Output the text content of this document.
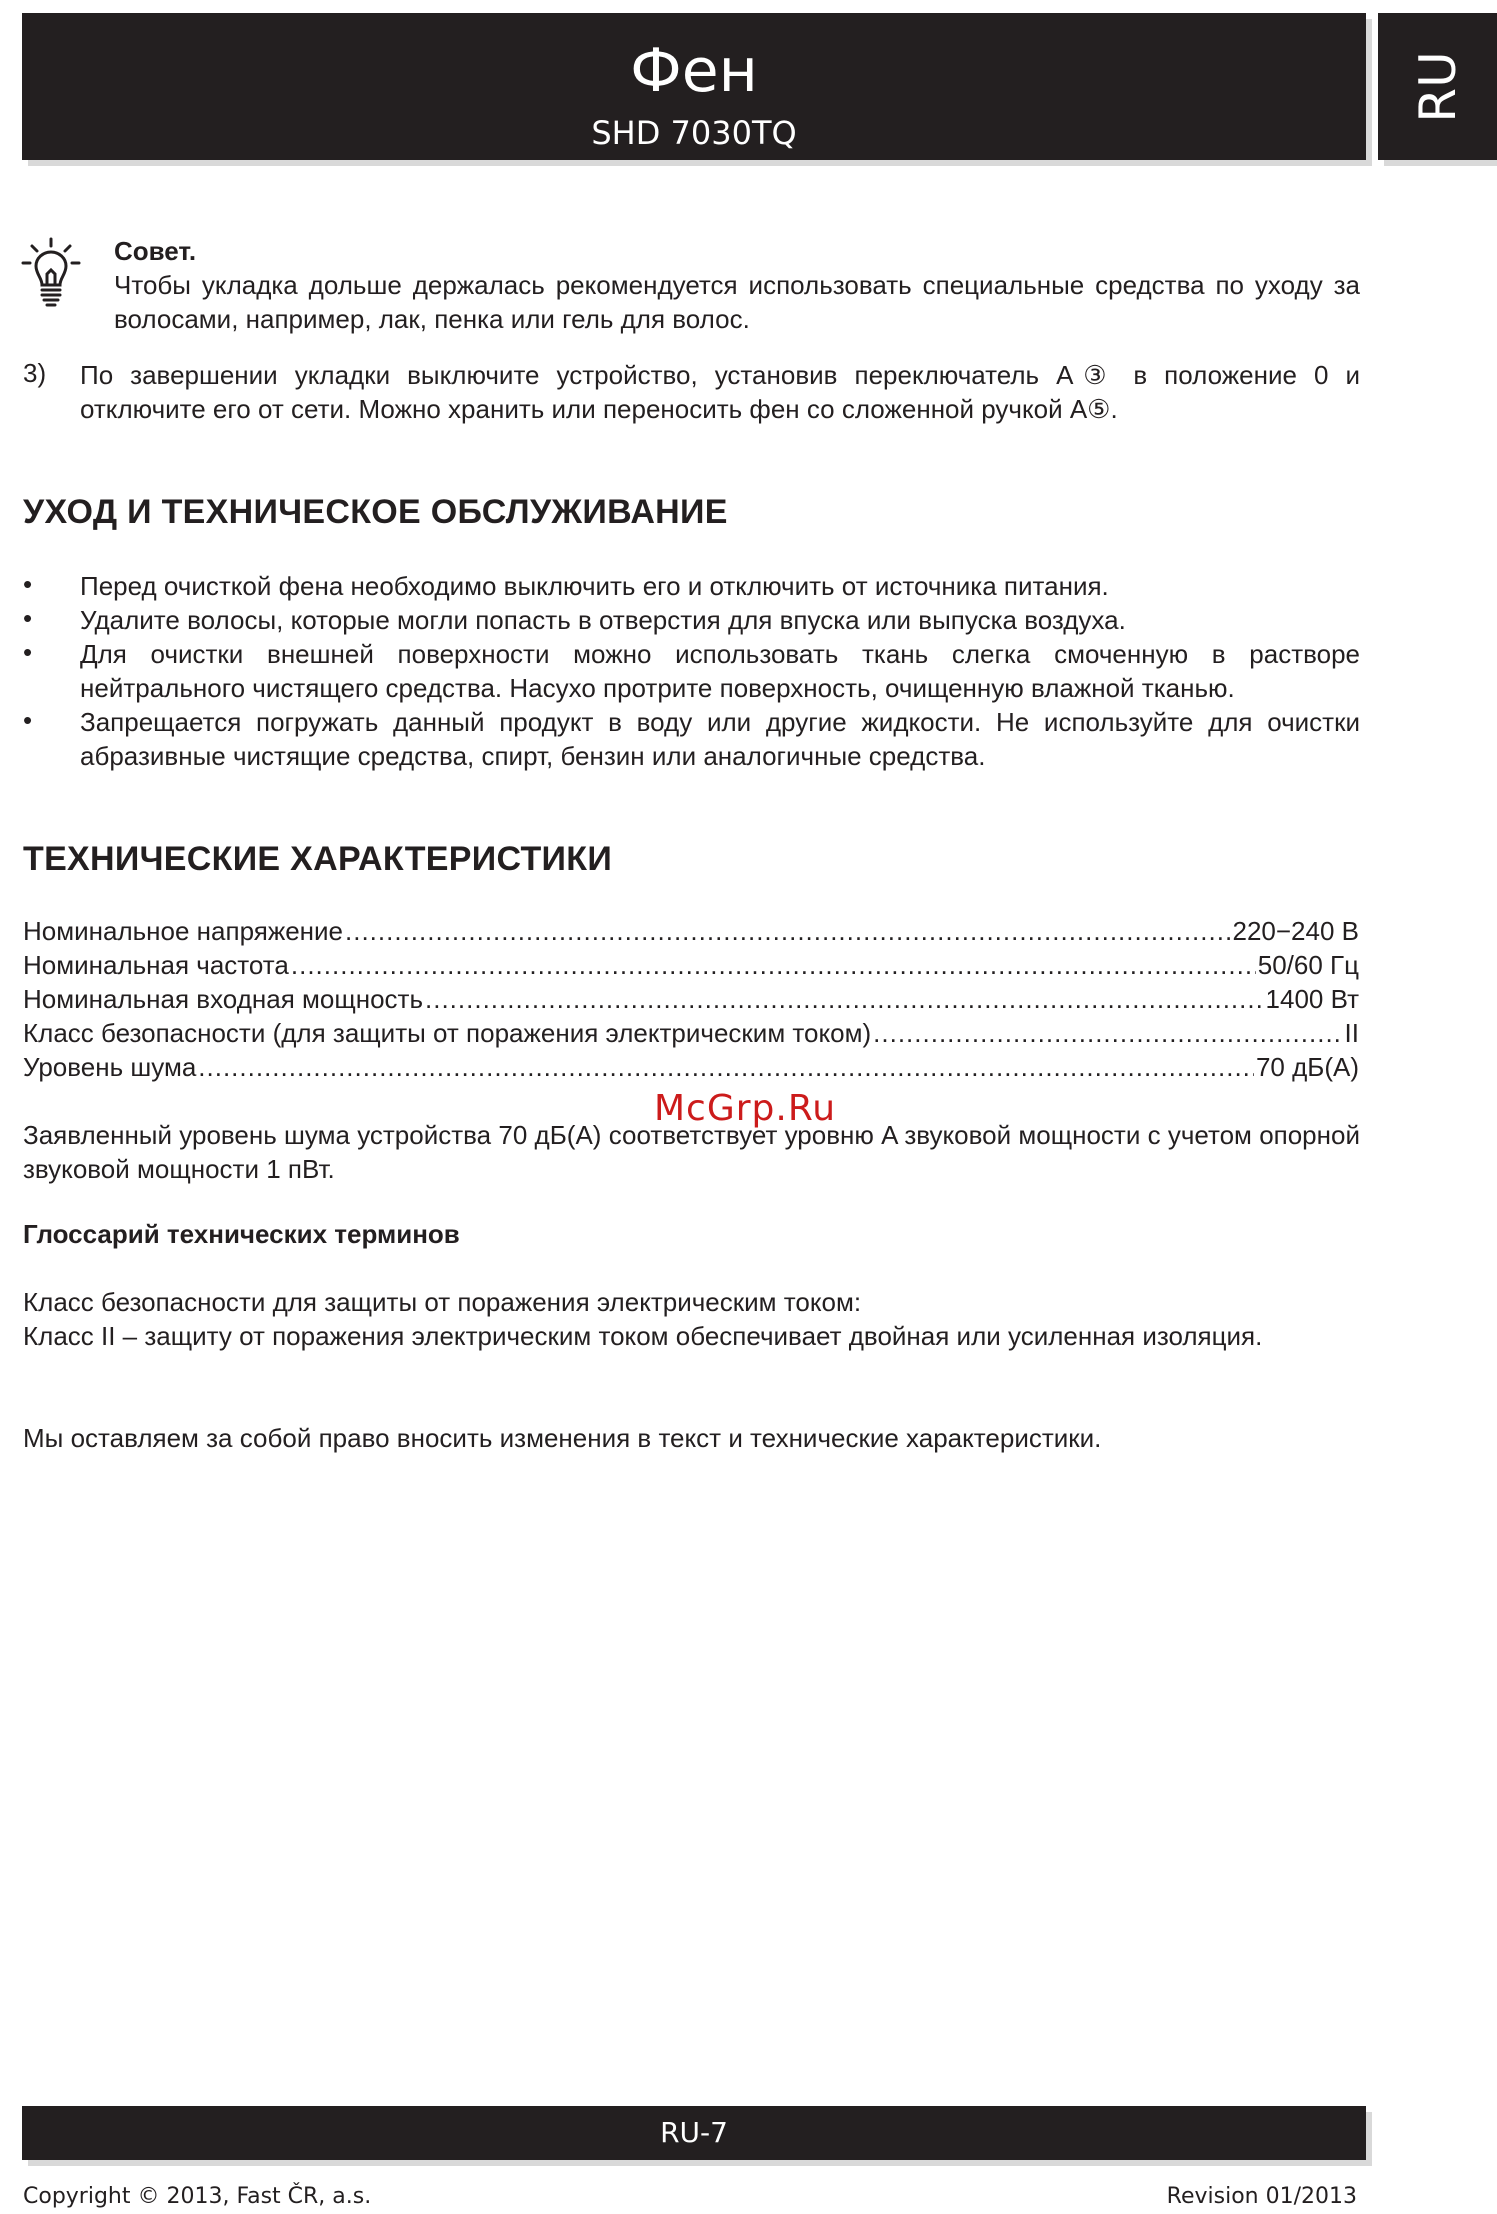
Фен
SHD 7030TQ
RU
Совет.
Чтобы укладка дольше держалась рекомендуется использовать специальные средства по уходу за волосами, например, лак, пенка или гель для волос.
3) По завершении укладки выключите устройство, установив переключатель A③ в положение 0 и отключите его от сети. Можно хранить или переносить фен со сложенной ручкой A⑤.
УХОД И ТЕХНИЧЕСКОЕ ОБСЛУЖИВАНИЕ
• Перед очисткой фена необходимо выключить его и отключить от источника питания.
• Удалите волосы, которые могли попасть в отверстия для впуска или выпуска воздуха.
• Для очистки внешней поверхности можно использовать ткань слегка смоченную в растворе нейтрального чистящего средства. Насухо протрите поверхность, очищенную влажной тканью.
• Запрещается погружать данный продукт в воду или другие жидкости. Не используйте для очистки абразивные чистящие средства, спирт, бензин или аналогичные средства.
ТЕХНИЧЕСКИЕ ХАРАКТЕРИСТИКИ
Номинальное напряжение .....	220−240 В
Номинальная частота .....	50/60 Гц
Номинальная входная мощность .....	1400 Вт
Класс безопасности (для защиты от поражения электрическим током) .....	II
Уровень шума .....	70 дБ(A)
McGrp.Ru
Заявленный уровень шума устройства 70 дБ(A) соответствует уровню A звуковой мощности с учетом опорной звуковой мощности 1 пВт.
Глоссарий технических терминов
Класс безопасности для защиты от поражения электрическим током:
Класс II – защиту от поражения электрическим током обеспечивает двойная или усиленная изоляция.
Мы оставляем за собой право вносить изменения в текст и технические характеристики.
RU-7
Copyright © 2013, Fast ČR, a.s.	Revision 01/2013
